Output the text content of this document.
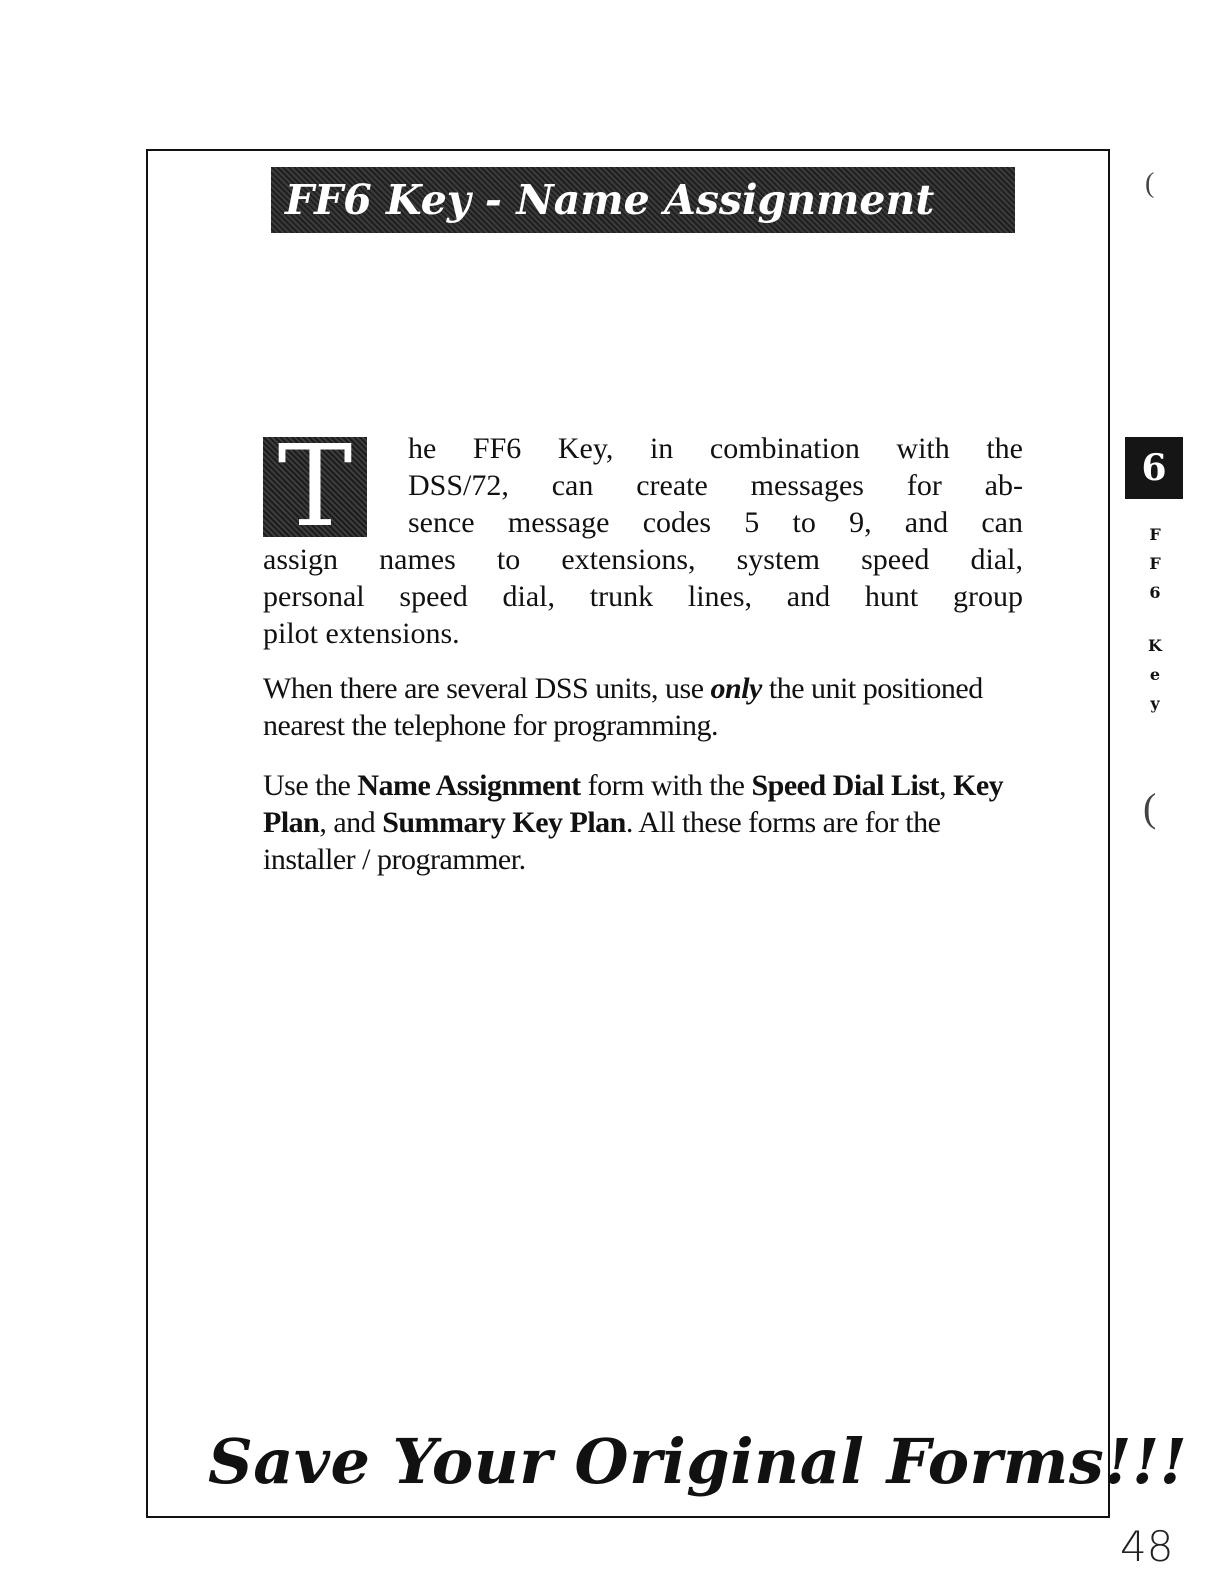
FF6 Key - Name Assignment	(
(
T	he FF6 Key, in combination with the
DSS/72, can create messages for ab-
sence message codes 5 to 9, and can
assign names to extensions, system speed dial,
personal speed dial, trunk lines, and hunt group
pilot extensions.
When there are several DSS units, use only the unit positioned nearest the telephone for programming.
Use the Name Assignment form with the Speed Dial List, Key Plan, and Summary Key Plan. All these forms are for the installer / programmer.
6
F
F
6
K
e
y
Save Your Original Forms!!!
48
